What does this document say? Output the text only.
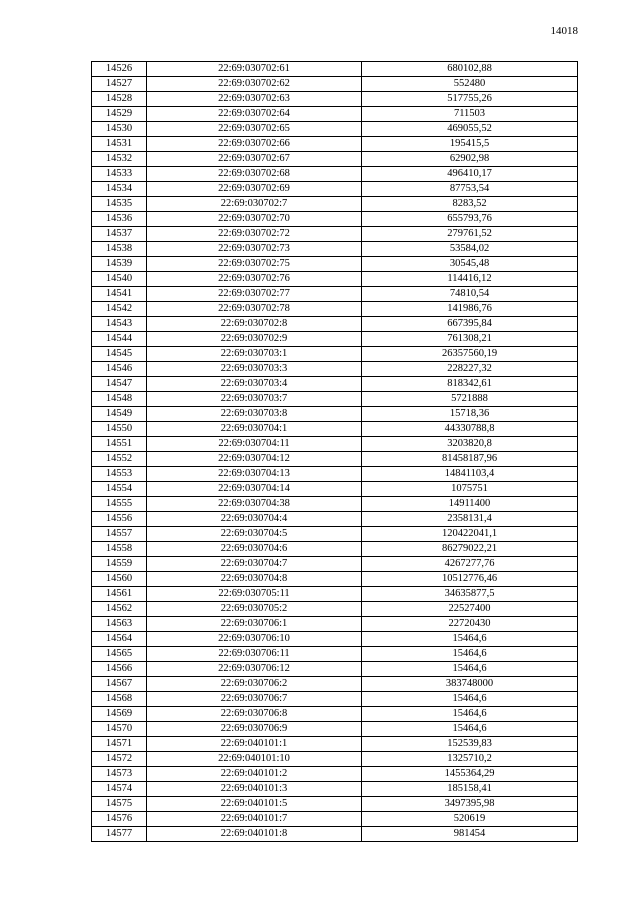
14018
14526	22:69:030702:61	680102,88
14527	22:69:030702:62	552480
14528	22:69:030702:63	517755,26
14529	22:69:030702:64	711503
14530	22:69:030702:65	469055,52
14531	22:69:030702:66	195415,5
14532	22:69:030702:67	62902,98
14533	22:69:030702:68	496410,17
14534	22:69:030702:69	87753,54
14535	22:69:030702:7	8283,52
14536	22:69:030702:70	655793,76
14537	22:69:030702:72	279761,52
14538	22:69:030702:73	53584,02
14539	22:69:030702:75	30545,48
14540	22:69:030702:76	114416,12
14541	22:69:030702:77	74810,54
14542	22:69:030702:78	141986,76
14543	22:69:030702:8	667395,84
14544	22:69:030702:9	761308,21
14545	22:69:030703:1	26357560,19
14546	22:69:030703:3	228227,32
14547	22:69:030703:4	818342,61
14548	22:69:030703:7	5721888
14549	22:69:030703:8	15718,36
14550	22:69:030704:1	44330788,8
14551	22:69:030704:11	3203820,8
14552	22:69:030704:12	81458187,96
14553	22:69:030704:13	14841103,4
14554	22:69:030704:14	1075751
14555	22:69:030704:38	14911400
14556	22:69:030704:4	2358131,4
14557	22:69:030704:5	120422041,1
14558	22:69:030704:6	86279022,21
14559	22:69:030704:7	4267277,76
14560	22:69:030704:8	10512776,46
14561	22:69:030705:11	34635877,5
14562	22:69:030705:2	22527400
14563	22:69:030706:1	22720430
14564	22:69:030706:10	15464,6
14565	22:69:030706:11	15464,6
14566	22:69:030706:12	15464,6
14567	22:69:030706:2	383748000
14568	22:69:030706:7	15464,6
14569	22:69:030706:8	15464,6
14570	22:69:030706:9	15464,6
14571	22:69:040101:1	152539,83
14572	22:69:040101:10	1325710,2
14573	22:69:040101:2	1455364,29
14574	22:69:040101:3	185158,41
14575	22:69:040101:5	3497395,98
14576	22:69:040101:7	520619
14577	22:69:040101:8	981454
